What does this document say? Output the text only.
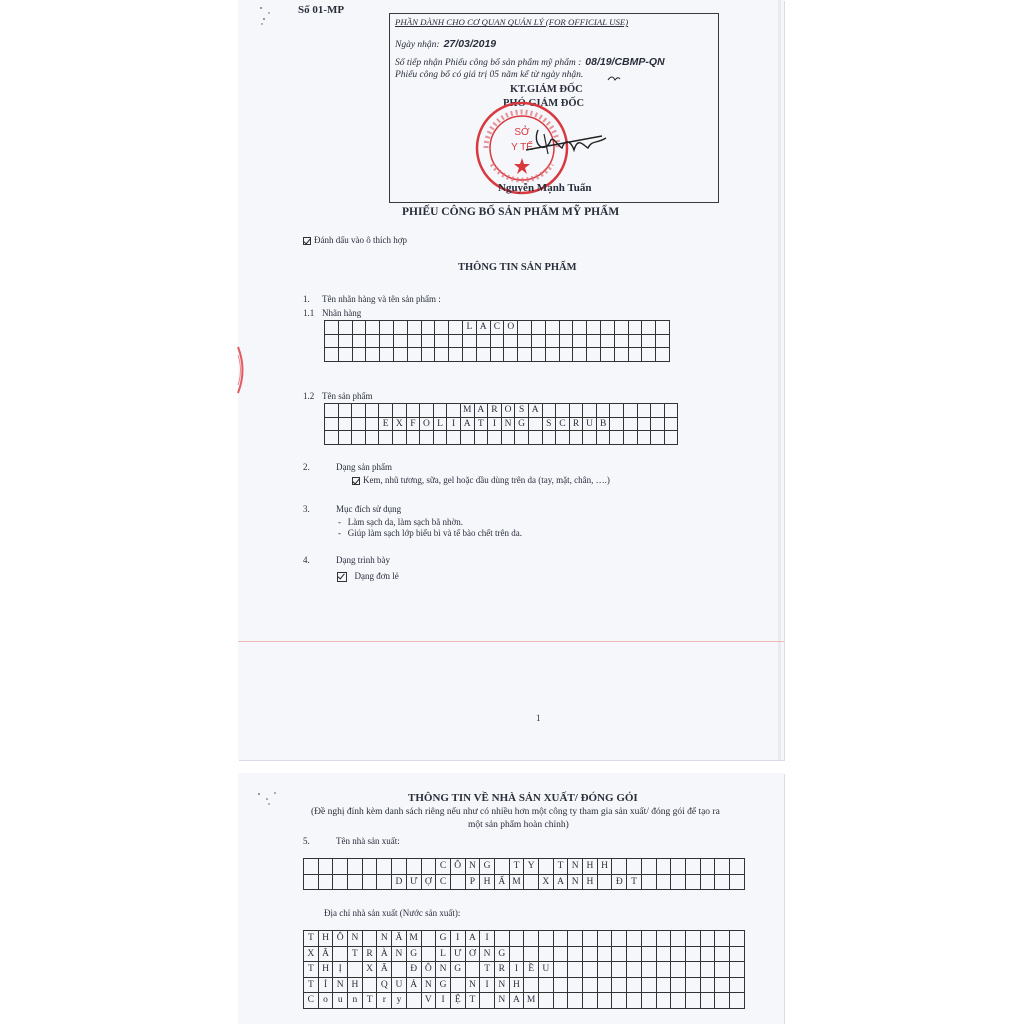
Số 01-MP
PHẦN DÀNH CHO CƠ QUAN QUẢN LÝ (FOR OFFICIAL USE)
Ngày nhận: 27/03/2019
Số tiếp nhận Phiếu công bố sản phẩm mỹ phẩm : 08/19/CBMP-QN
Phiếu công bố có giá trị 05 năm kể từ ngày nhận.
KT.GIÁM ĐỐC
PHÓ GIÁM ĐỐC
SỞ
Y TẾ
Nguyễn Mạnh Tuấn
PHIẾU CÔNG BỐ SẢN PHẨM MỸ PHẨM
Đánh dấu vào ô thích hợp
THÔNG TIN SẢN PHẨM
1. Tên nhãn hàng và tên sản phẩm :
1.1 Nhãn hàng
										L	A	C	O											

1.2 Tên sản phẩm
										M	A	R	O	S	A										
				E	X	F	O	L	I	A	T	I	N	G		S	C	R	U	B					

2.	Dạng sản phẩm
Kem, nhũ tương, sữa, gel hoặc dầu dùng trên da (tay, mặt, chân, ….)
3.	Mục đích sử dụng
-   Làm sạch da, làm sạch bã nhờn.
-   Giúp làm sạch lớp biểu bì và tế bào chết trên da.
4.	Dạng trình bày
Dạng đơn lẻ
1
THÔNG TIN VỀ NHÀ SẢN XUẤT/ ĐÓNG GÓI
(Đề nghị đính kèm danh sách riêng nếu như có nhiều hơn một công ty tham gia sản xuất/ đóng gói để tạo ra
một sản phẩm hoàn chỉnh)
5.	Tên nhà sản xuất:
									C	Ô	N	G		T	Y		T	N	H	H									
						D	Ư	Ợ	C		P	H	Ẩ	M		X	A	N	H		Đ	T							
Địa chỉ nhà sản xuất (Nước sản xuất):
T	H	Ô	N		N	Ă	M		G	I	A	I																	
X	Ã		T	R	À	N	G		L	Ư	Ơ	N	G																
T	H	Ị		X	Ã		Đ	Ô	N	G		T	R	I	Ề	U													
T	Ỉ	N	H		Q	U	Ả	N	G		N	I	N	H															
C	o	u	n	T	r	y		V	I	Ệ	T		N	A	M														
